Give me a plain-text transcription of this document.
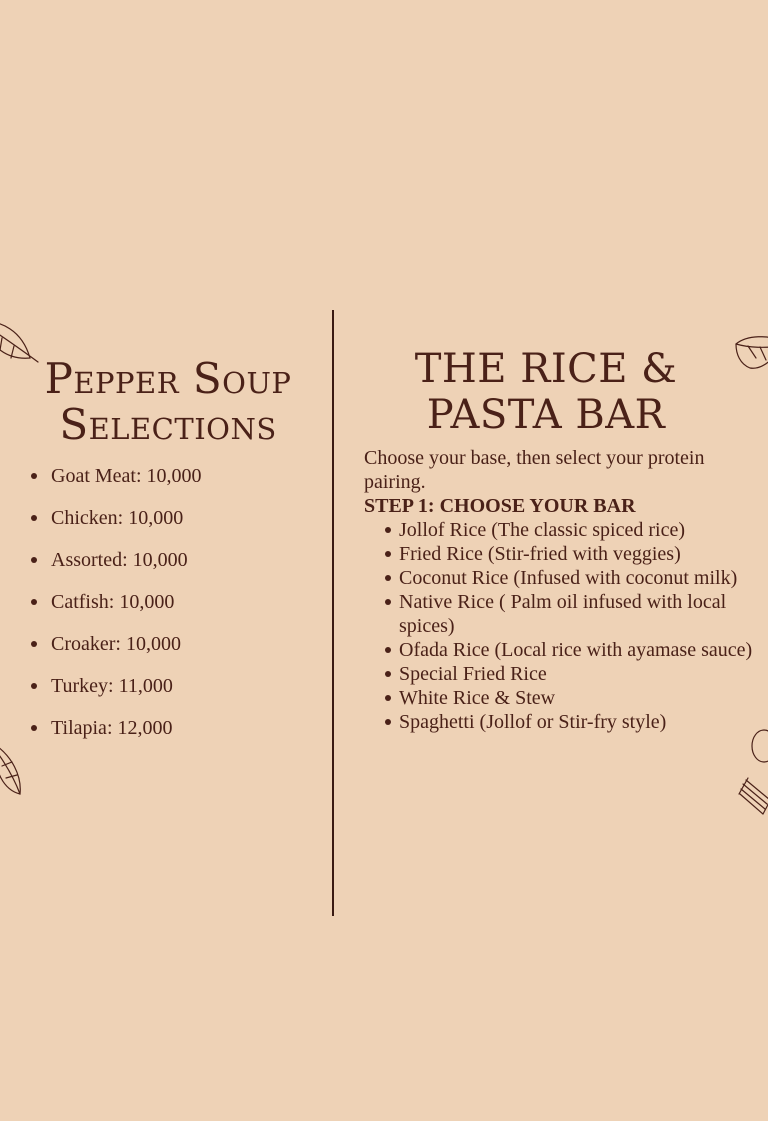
Pepper Soup Selections
Goat Meat: 10,000
Chicken: 10,000
Assorted: 10,000
Catfish: 10,000
Croaker: 10,000
Turkey: 11,000
Tilapia: 12,000
THE RICE & PASTA BAR

Choose your base, then select your protein pairing.

STEP 1: CHOOSE YOUR BAR

Jollof Rice (The classic spiced rice)
Fried Rice (Stir-fried with veggies)
Coconut Rice (Infused with coconut milk)
Native Rice ( Palm oil infused with local spices)
Ofada Rice (Local rice with ayamase sauce)
Special Fried Rice
White Rice & Stew
Spaghetti (Jollof or Stir-fry style)
